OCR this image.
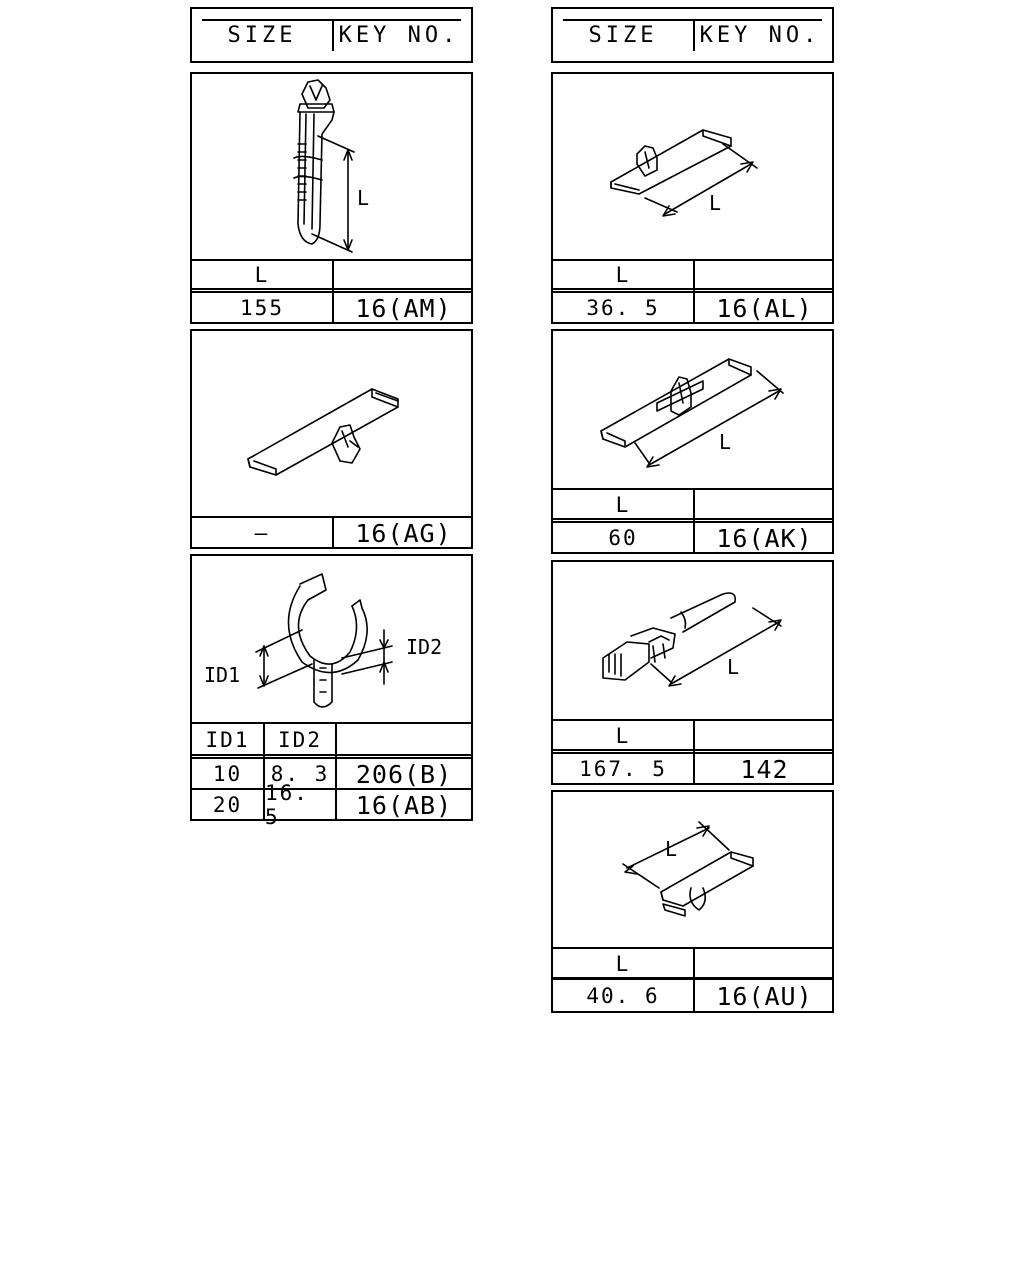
SIZE	KEY NO.
L
L
155	16(AM)
—	16(AG)
ID1
ID2
ID1	ID2
10	8. 3	206(B)
20	16. 5	16(AB)
SIZE	KEY NO.
L
L
36. 5	16(AL)
L
L
60	16(AK)
L
L
167. 5	142
L
L
40. 6	16(AU)
